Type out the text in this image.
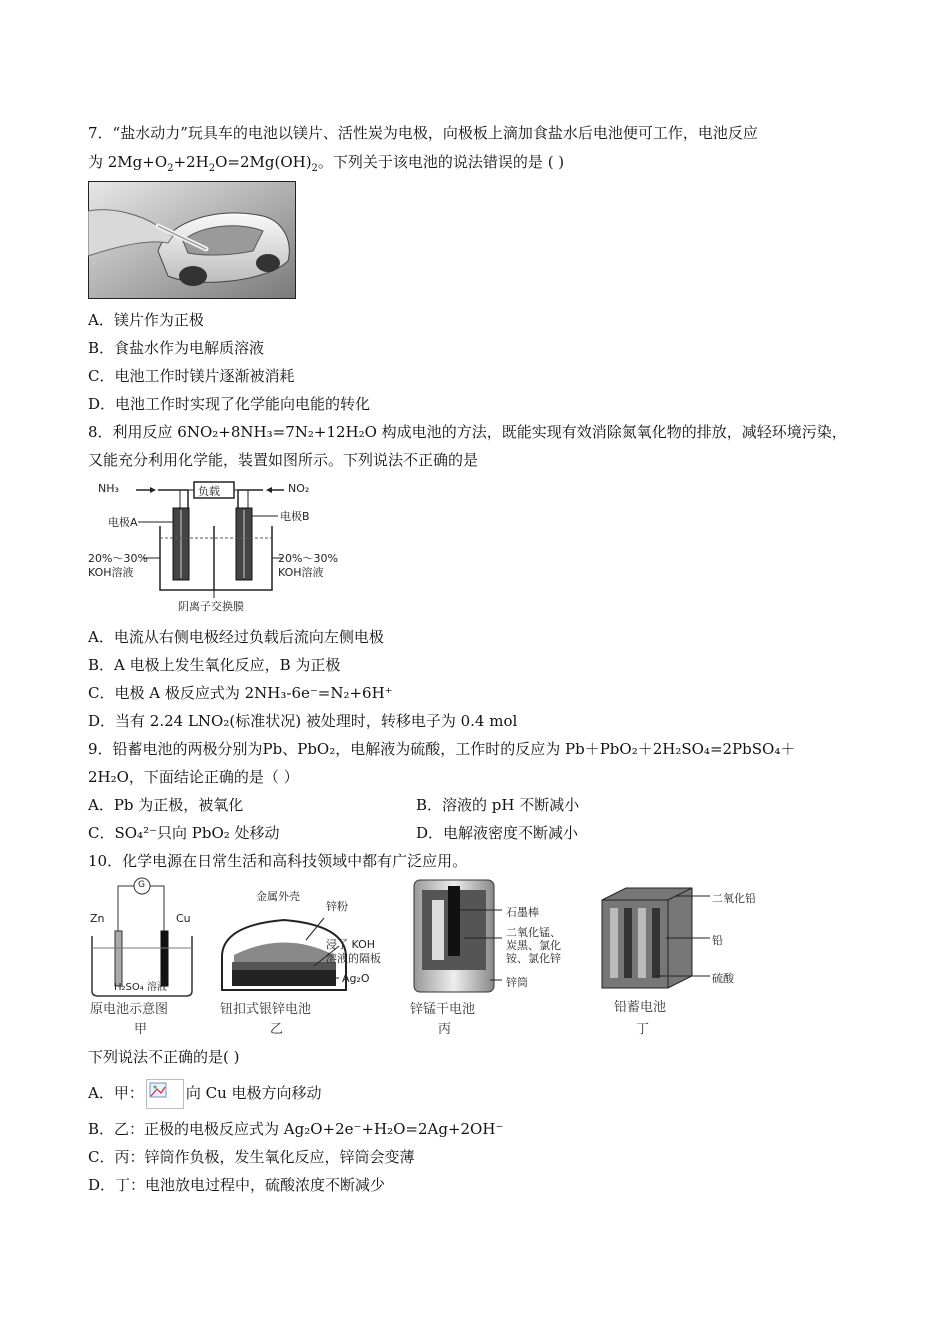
7．“盐水动力”玩具车的电池以镁片、活性炭为电极，向极板上滴加食盐水后电池便可工作，电池反应
为 $2Mg+O_2+2H_2O=2Mg(OH)_2$。下列关于该电池的说法错误的是 ( )
A．镁片作为正极
B．食盐水作为电解质溶液
C．电池工作时镁片逐渐被消耗
D．电池工作时实现了化学能向电能的转化
8．利用反应 6NO₂+8NH₃=7N₂+12H₂O 构成电池的方法，既能实现有效消除氮氧化物的排放，减轻环境污染，
又能充分利用化学能，装置如图所示。下列说法不正确的是
NH₃	负载	NO₂
电极A	电极B
20%～30%
KOH溶液
20%～30%
KOH溶液
阴离子交换膜
A．电流从右侧电极经过负载后流向左侧电极
B．A 电极上发生氧化反应，B 为正极
C．电极 A 极反应式为 2NH₃-6e⁻=N₂+6H⁺
D．当有 2.24 LNO₂(标准状况) 被处理时，转移电子为 0.4 mol
9．铅蓄电池的两极分别为Pb、PbO₂，电解液为硫酸，工作时的反应为 Pb＋PbO₂＋2H₂SO₄=2PbSO₄＋
2H₂O，下面结论正确的是（ ）
A．Pb 为正极，被氧化	B．溶液的 pH 不断减小
C．SO₄²⁻只向 PbO₂ 处移动	D．电解液密度不断减小
10．化学电源在日常生活和高科技领域中都有广泛应用。
G
Zn	Cu
H₂SO₄ 溶液
原电池示意图
甲
金属外壳
锌粉
浸了 KOH
溶液的隔板
Ag₂O
钮扣式银锌电池
乙
石墨棒
二氧化锰、
炭黑、氯化
铵、氯化锌
锌筒
锌锰干电池
丙
二氧化铅
铅
硫酸
铅蓄电池
丁
下列说法不正确的是( )
A．甲：	向 Cu 电极方向移动
B．乙：正极的电极反应式为 Ag₂O+2e⁻+H₂O=2Ag+2OH⁻
C．丙：锌筒作负极，发生氧化反应，锌筒会变薄
D．丁：电池放电过程中，硫酸浓度不断减少
